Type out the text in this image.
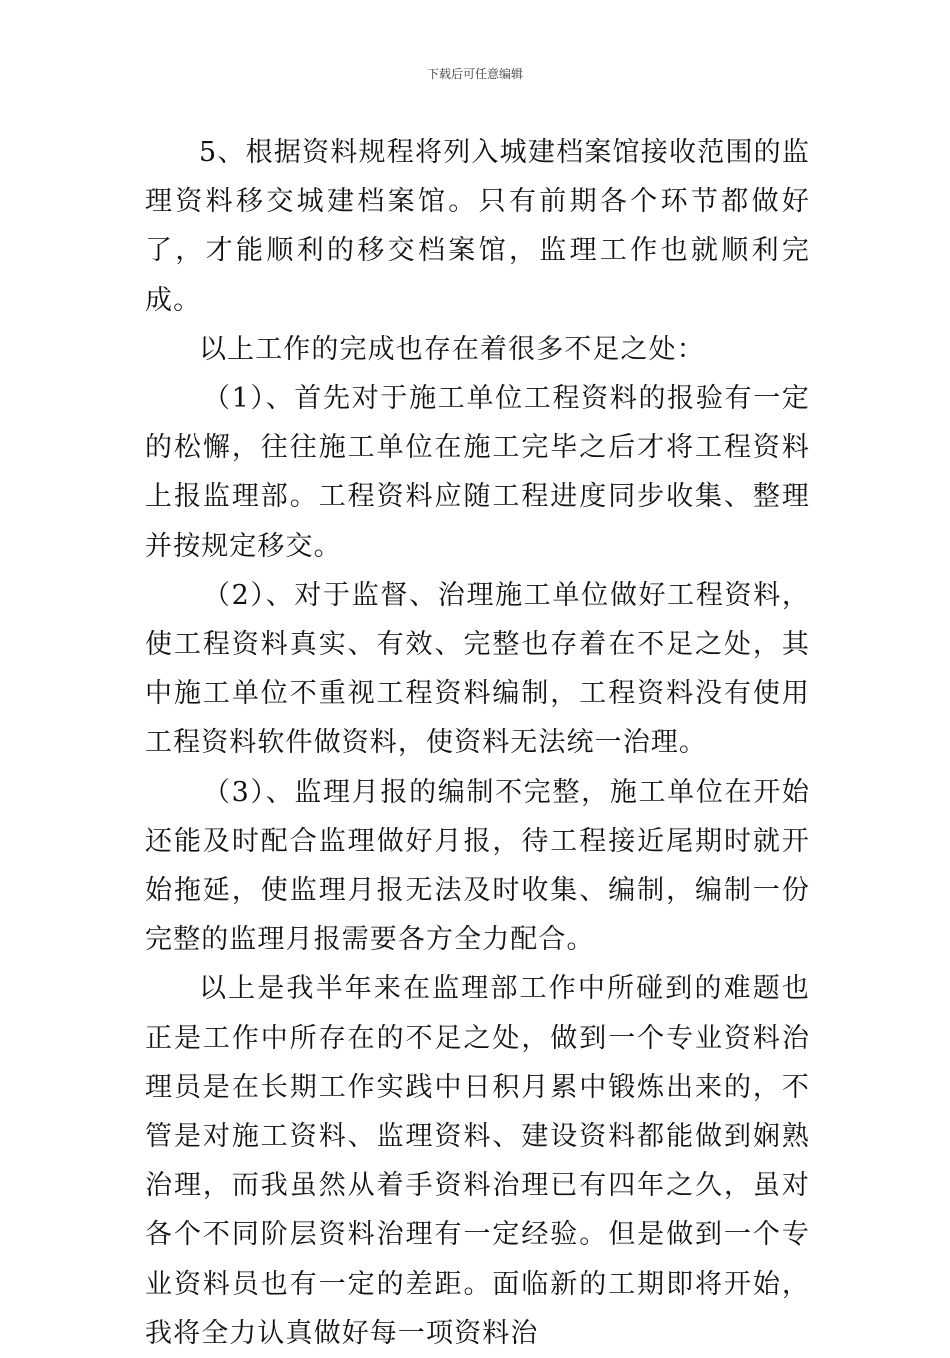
下载后可任意编辑

5、根据资料规程将列入城建档案馆接收范围的监理资料移交城建档案馆。只有前期各个环节都做好了，才能顺利的移交档案馆，监理工作也就顺利完成。

以上工作的完成也存在着很多不足之处：

（1）、首先对于施工单位工程资料的报验有一定的松懈，往往施工单位在施工完毕之后才将工程资料上报监理部。工程资料应随工程进度同步收集、整理并按规定移交。

（2）、对于监督、治理施工单位做好工程资料，使工程资料真实、有效、完整也存着在不足之处，其中施工单位不重视工程资料编制，工程资料没有使用工程资料软件做资料，使资料无法统一治理。

（3）、监理月报的编制不完整，施工单位在开始还能及时配合监理做好月报，待工程接近尾期时就开始拖延，使监理月报无法及时收集、编制，编制一份完整的监理月报需要各方全力配合。

以上是我半年来在监理部工作中所碰到的难题也正是工作中所存在的不足之处，做到一个专业资料治理员是在长期工作实践中日积月累中锻炼出来的，不管是对施工资料、监理资料、建设资料都能做到娴熟治理，而我虽然从着手资料治理已有四年之久，虽对各个不同阶层资料治理有一定经验。但是做到一个专业资料员也有一定的差距。面临新的工期即将开始，我将全力认真做好每一项资料治
